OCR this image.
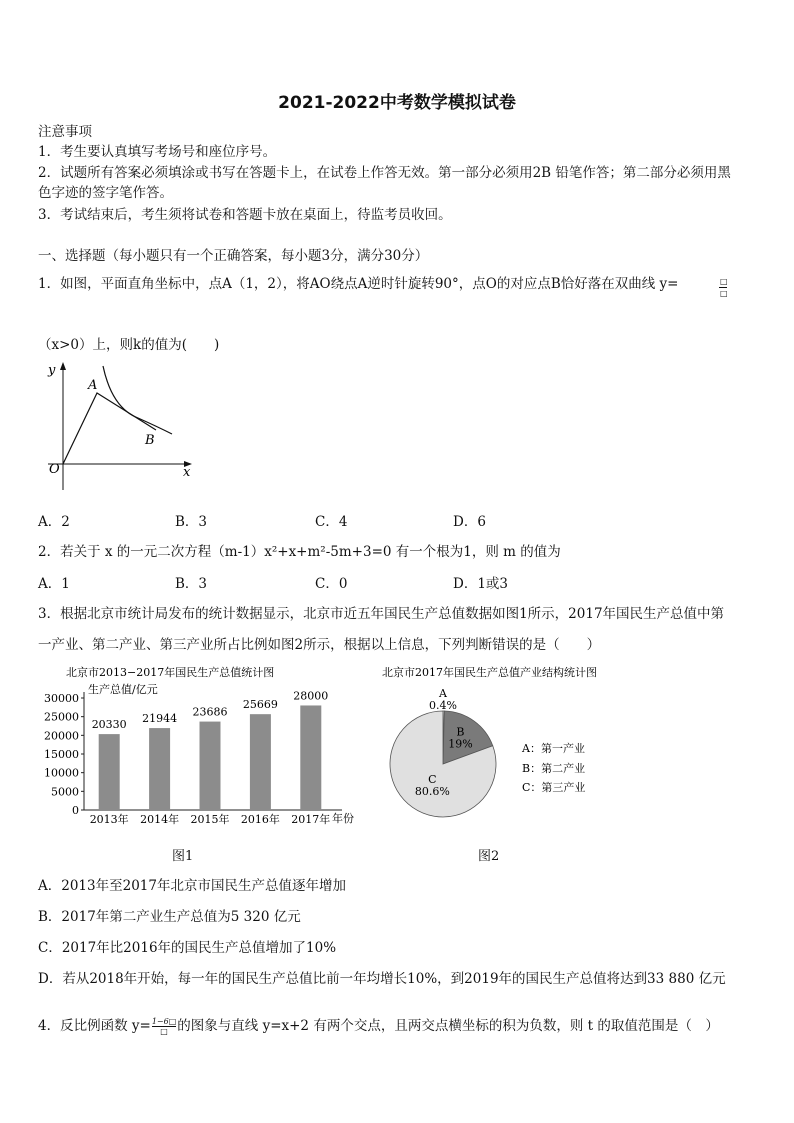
2021-2022中考数学模拟试卷
注意事项
1．考生要认真填写考场号和座位序号。
2．试题所有答案必须填涂或书写在答题卡上，在试卷上作答无效。第一部分必须用2B 铅笔作答；第二部分必须用黑
色字迹的签字笔作答。
3．考试结束后，考生须将试卷和答题卡放在桌面上，待监考员收回。
一、选择题（每小题只有一个正确答案，每小题3分，满分30分）
1．如图，平面直角坐标中，点A（1，2），将AO绕点A逆时针旋转90°，点O的对应点B恰好落在双曲线 y=	□
□
（x>0）上，则k的值为(　　)
y
x
O
A
B
A．2	B．3	C．4	D．6
2．若关于 x 的一元二次方程（m-1）x²+x+m²-5m+3=0 有一个根为1，则 m 的值为
A．1	B．3	C．0	D．1或3
3．根据北京市统计局发布的统计数据显示，北京市近五年国民生产总值数据如图1所示，2017年国民生产总值中第
一产业、第二产业、第三产业所占比例如图2所示，根据以上信息，下列判断错误的是（　　）
北京市2013−2017年国民生产总值统计图
生产总值/亿元
0
5000
10000
15000
20000
25000
30000
20330
2013年
21944
2014年
23686
2015年
25669
2016年
28000
2017年 年份
图1
北京市2017年国民生产总值产业结构统计图
A
0.4%
B
19%
C
80.6%
A：第一产业
B：第二产业
C：第三产业
图2
A．2013年至2017年北京市国民生产总值逐年增加
B．2017年第二产业生产总值为5 320 亿元
C．2017年比2016年的国民生产总值增加了10%
D．若从2018年开始，每一年的国民生产总值比前一年均增长10%，到2019年的国民生产总值将达到33 880 亿元
4．反比例函数 y= 1−6□
□ 的图象与直线 y=x+2 有两个交点，且两交点横坐标的积为负数，则 t 的取值范围是（　）
